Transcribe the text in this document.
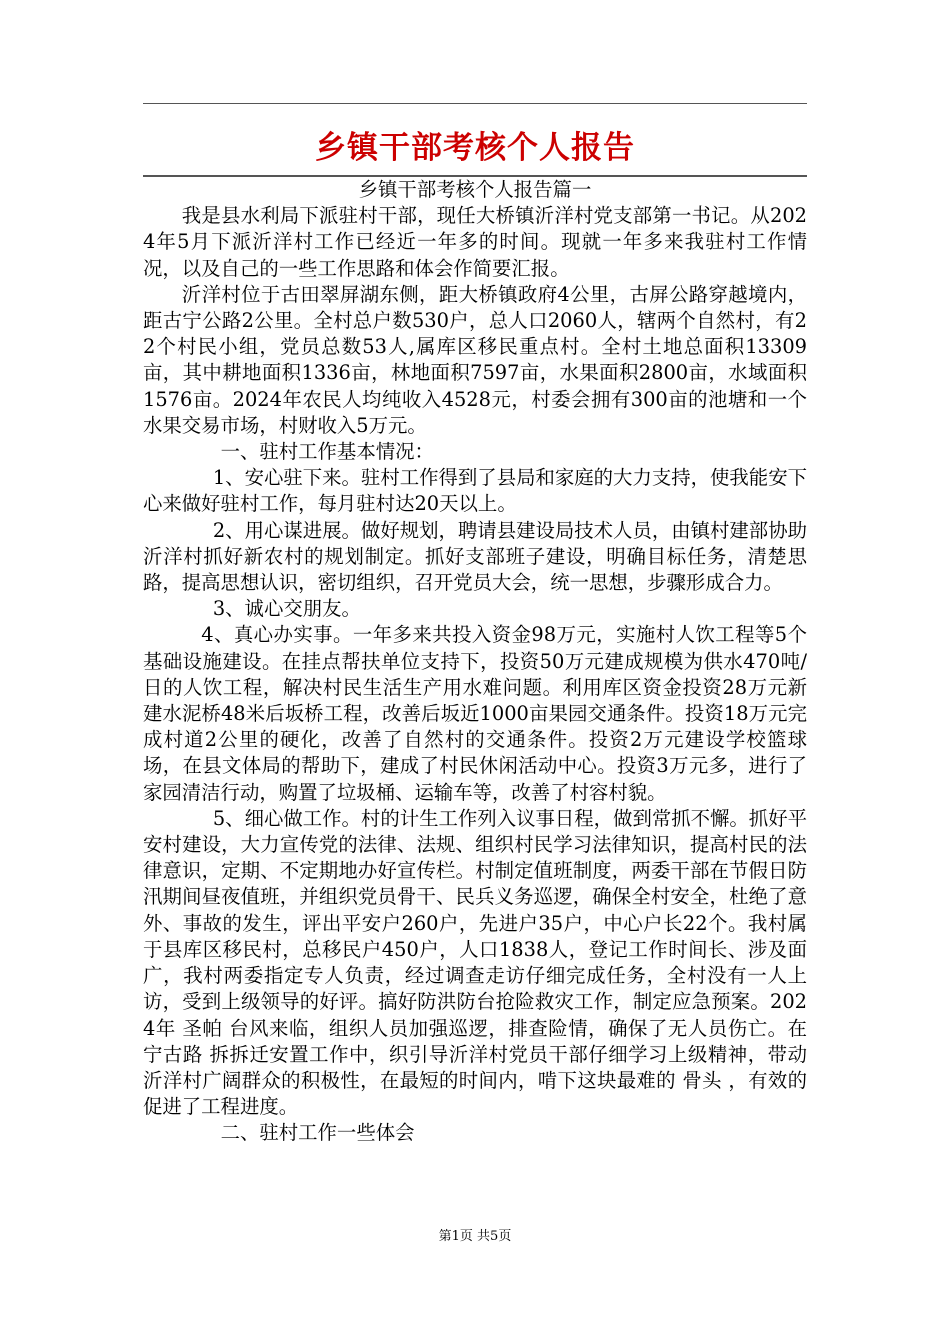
乡镇干部考核个人报告

乡镇干部考核个人报告篇一

我是县水利局下派驻村干部，现任大桥镇沂洋村党支部第一书记。从2024年5月下派沂洋村工作已经近一年多的时间。现就一年多来我驻村工作情况，以及自己的一些工作思路和体会作简要汇报。

沂洋村位于古田翠屏湖东侧，距大桥镇政府4公里，古屏公路穿越境内，距古宁公路2公里。全村总户数530户，总人口2060人，辖两个自然村，有22个村民小组，党员总数53人,属库区移民重点村。全村土地总面积13309亩，其中耕地面积1336亩，林地面积7597亩，水果面积2800亩，水域面积1576亩。2024年农民人均纯收入4528元，村委会拥有300亩的池塘和一个水果交易市场，村财收入5万元。

一、驻村工作基本情况：

1、安心驻下来。驻村工作得到了县局和家庭的大力支持，使我能安下心来做好驻村工作，每月驻村达20天以上。

2、用心谋进展。做好规划，聘请县建设局技术人员，由镇村建部协助沂洋村抓好新农村的规划制定。抓好支部班子建设，明确目标任务，清楚思路，提高思想认识，密切组织，召开党员大会，统一思想，步骤形成合力。

3、诚心交朋友。

4、真心办实事。一年多来共投入资金98万元，实施村人饮工程等5个基础设施建设。在挂点帮扶单位支持下，投资50万元建成规模为供水470吨/日的人饮工程，解决村民生活生产用水难问题。利用库区资金投资28万元新建水泥桥48米后坂桥工程，改善后坂近1000亩果园交通条件。投资18万元完成村道2公里的硬化，改善了自然村的交通条件。投资2万元建设学校篮球场，在县文体局的帮助下，建成了村民休闲活动中心。投资3万元多，进行了家园清洁行动，购置了垃圾桶、运输车等，改善了村容村貌。

5、细心做工作。村的计生工作列入议事日程，做到常抓不懈。抓好平安村建设，大力宣传党的法律、法规、组织村民学习法律知识，提高村民的法律意识，定期、不定期地办好宣传栏。村制定值班制度，两委干部在节假日防汛期间昼夜值班，并组织党员骨干、民兵义务巡逻，确保全村安全，杜绝了意外、事故的发生，评出平安户260户，先进户35户，中心户长22个。我村属于县库区移民村，总移民户450户，人口1838人，登记工作时间长、涉及面广，我村两委指定专人负责，经过调查走访仔细完成任务，全村没有一人上访，受到上级领导的好评。搞好防洪防台抢险救灾工作，制定应急预案。2024年 圣帕 台风来临，组织人员加强巡逻，排查险情，确保了无人员伤亡。在 宁古路 拆拆迁安置工作中，织引导沂洋村党员干部仔细学习上级精神，带动沂洋村广阔群众的积极性，在最短的时间内，啃下这块最难的 骨头 ，有效的促进了工程进度。

二、驻村工作一些体会

第1页 共5页
